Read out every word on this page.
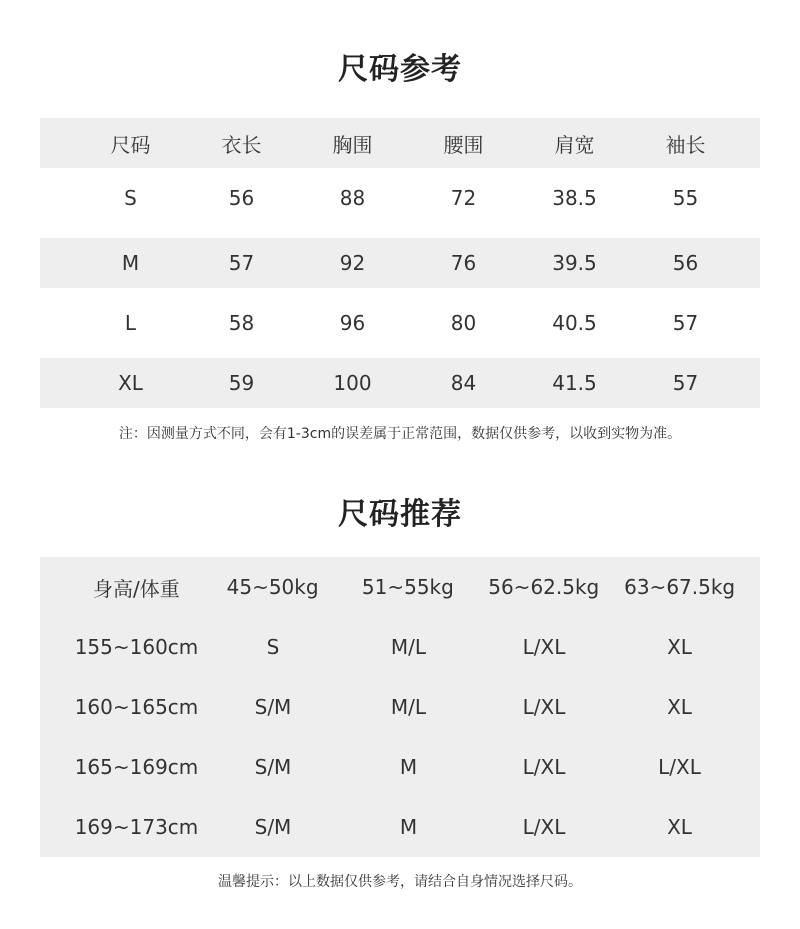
尺码参考
尺码	衣长	胸围	腰围	肩宽	袖长
S	56	88	72	38.5	55
M	57	92	76	39.5	56
L	58	96	80	40.5	57
XL	59	100	84	41.5	57
注：因测量方式不同，会有1-3cm的误差属于正常范围，数据仅供参考，以收到实物为准。
尺码推荐
身高/体重	45~50kg	51~55kg	56~62.5kg	63~67.5kg
155~160cm	S	M/L	L/XL	XL
160~165cm	S/M	M/L	L/XL	XL
165~169cm	S/M	M	L/XL	L/XL
169~173cm	S/M	M	L/XL	XL
温馨提示：以上数据仅供参考，请结合自身情况选择尺码。
